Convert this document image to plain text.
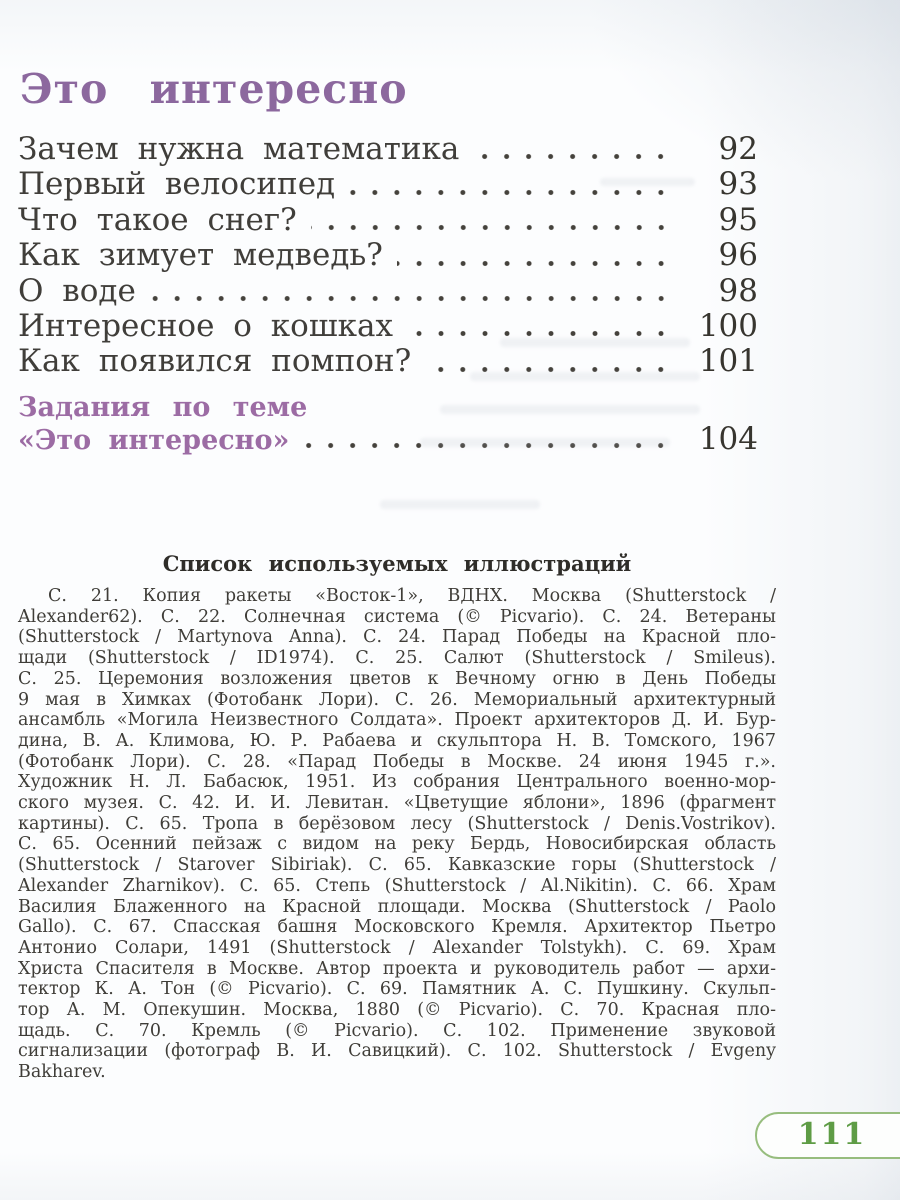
Это интересно
Зачем нужна математика	92
Первый велосипед	93
Что такое снег?	95
Как зимует медведь?	96
О воде	98
Интересное о кошках	100
Как появился помпон?	101
Задания по теме
«Это интересно»	104
Список используемых иллюстраций
С. 21. Копия ракеты «Восток-1», ВДНХ. Москва (Shutterstock /
Alexander62). С. 22. Солнечная система (© Picvario). С. 24. Ветераны
(Shutterstock / Martynova Anna). С. 24. Парад Победы на Красной пло-
щади (Shutterstock / ID1974). С. 25. Салют (Shutterstock / Smileus).
С. 25. Церемония возложения цветов к Вечному огню в День Победы
9 мая в Химках (Фотобанк Лори). С. 26. Мемориальный архитектурный
ансамбль «Могила Неизвестного Солдата». Проект архитекторов Д. И. Бур-
дина, В. А. Климова, Ю. Р. Рабаева и скульптора Н. В. Томского, 1967
(Фотобанк Лори). С. 28. «Парад Победы в Москве. 24 июня 1945 г.».
Художник Н. Л. Бабасюк, 1951. Из собрания Центрального военно-мор-
ского музея. С. 42. И. И. Левитан. «Цветущие яблони», 1896 (фрагмент
картины). С. 65. Тропа в берёзовом лесу (Shutterstock / Denis.Vostrikov).
С. 65. Осенний пейзаж с видом на реку Бердь, Новосибирская область
(Shutterstock / Starover Sibiriak). С. 65. Кавказские горы (Shutterstock /
Alexander Zharnikov). С. 65. Степь (Shutterstock / Al.Nikitin). С. 66. Храм
Василия Блаженного на Красной площади. Москва (Shutterstock / Paolo
Gallo). С. 67. Спасская башня Московского Кремля. Архитектор Пьетро
Антонио Солари, 1491 (Shutterstock / Alexander Tolstykh). С. 69. Храм
Христа Спасителя в Москве. Автор проекта и руководитель работ — архи-
тектор К. А. Тон (© Picvario). С. 69. Памятник А. С. Пушкину. Скульп-
тор А. М. Опекушин. Москва, 1880 (© Picvario). С. 70. Красная пло-
щадь. С. 70. Кремль (© Picvario). С. 102. Применение звуковой
сигнализации (фотограф В. И. Савицкий). С. 102. Shutterstock / Evgeny
Bakharev.
111
